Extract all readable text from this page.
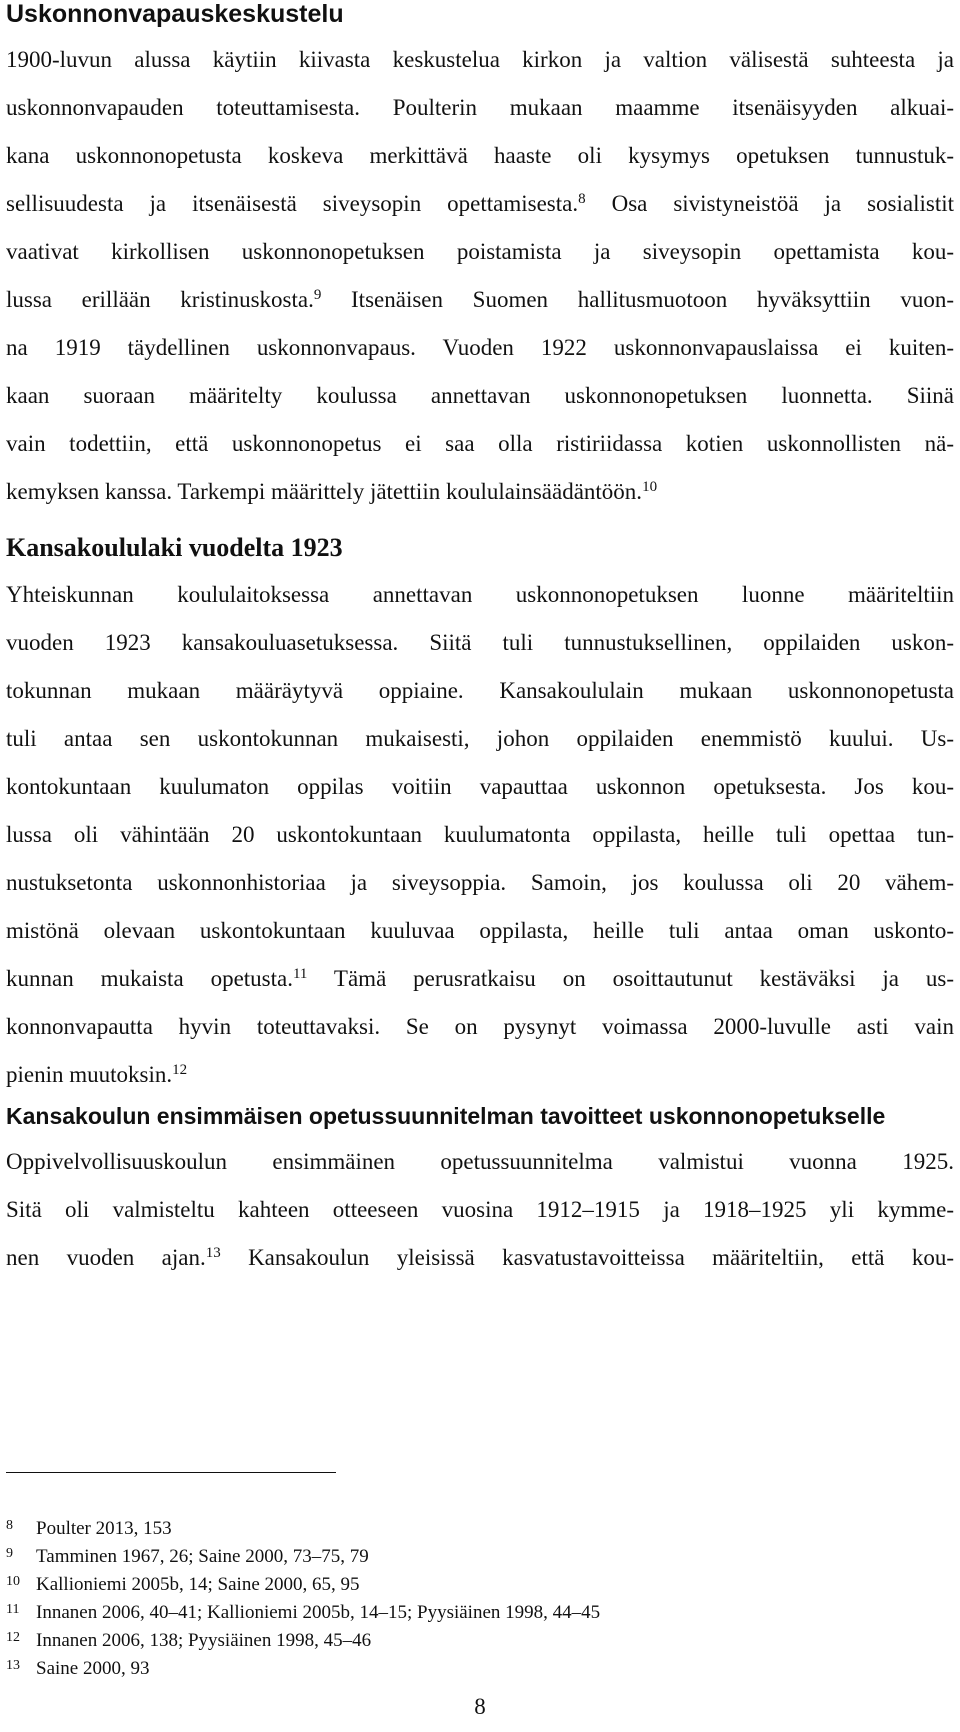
Uskonnonvapauskeskustelu
1900-luvun alussa käytiin kiivasta keskustelua kirkon ja valtion välisestä suhteesta ja
uskonnonvapauden toteuttamisesta. Poulterin mukaan maamme itsenäisyyden alkuai-
kana uskonnonopetusta koskeva merkittävä haaste oli kysymys opetuksen tunnustuk-
sellisuudesta ja itsenäisestä siveysopin opettamisesta.$^8$ Osa sivistyneistöä ja sosialistit
vaativat kirkollisen uskonnonopetuksen poistamista ja siveysopin opettamista kou-
lussa erillään kristinuskosta.$^9$ Itsenäisen Suomen hallitusmuotoon hyväksyttiin vuon-
na 1919 täydellinen uskonnonvapaus. Vuoden 1922 uskonnonvapauslaissa ei kuiten-
kaan suoraan määritelty koulussa annettavan uskonnonopetuksen luonnetta. Siinä
vain todettiin, että uskonnonopetus ei saa olla ristiriidassa kotien uskonnollisten nä-
kemyksen kanssa. Tarkempi määrittely jätettiin koululainsäädäntöön.$^{10}$
Kansakoululaki vuodelta 1923
Yhteiskunnan koululaitoksessa annettavan uskonnonopetuksen luonne määriteltiin
vuoden 1923 kansakouluasetuksessa. Siitä tuli tunnustuksellinen, oppilaiden uskon-
tokunnan mukaan määräytyvä oppiaine. Kansakoululain mukaan uskonnonopetusta
tuli antaa sen uskontokunnan mukaisesti, johon oppilaiden enemmistö kuului. Us-
kontokuntaan kuulumaton oppilas voitiin vapauttaa uskonnon opetuksesta. Jos kou-
lussa oli vähintään 20 uskontokuntaan kuulumatonta oppilasta, heille tuli opettaa tun-
nustuksetonta uskonnonhistoriaa ja siveysoppia. Samoin, jos koulussa oli 20 vähem-
mistönä olevaan uskontokuntaan kuuluvaa oppilasta, heille tuli antaa oman uskonto-
kunnan mukaista opetusta.$^{11}$ Tämä perusratkaisu on osoittautunut kestäväksi ja us-
konnonvapautta hyvin toteuttavaksi. Se on pysynyt voimassa 2000-luvulle asti vain
pienin muutoksin.$^{12}$
Kansakoulun ensimmäisen opetussuunnitelman tavoitteet uskonnonopetukselle
Oppivelvollisuuskoulun ensimmäinen opetussuunnitelma valmistui vuonna 1925.
Sitä oli valmisteltu kahteen otteeseen vuosina 1912–1915 ja 1918–1925 yli kymme-
nen vuoden ajan.$^{13}$ Kansakoulun yleisissä kasvatustavoitteissa määriteltiin, että kou-
8 Poulter 2013, 153
9 Tamminen 1967, 26; Saine 2000, 73–75, 79
10 Kallioniemi 2005b, 14; Saine 2000, 65, 95
11 Innanen 2006, 40–41; Kallioniemi 2005b, 14–15; Pyysiäinen 1998, 44–45
12 Innanen 2006, 138; Pyysiäinen 1998, 45–46
13 Saine 2000, 93
8
